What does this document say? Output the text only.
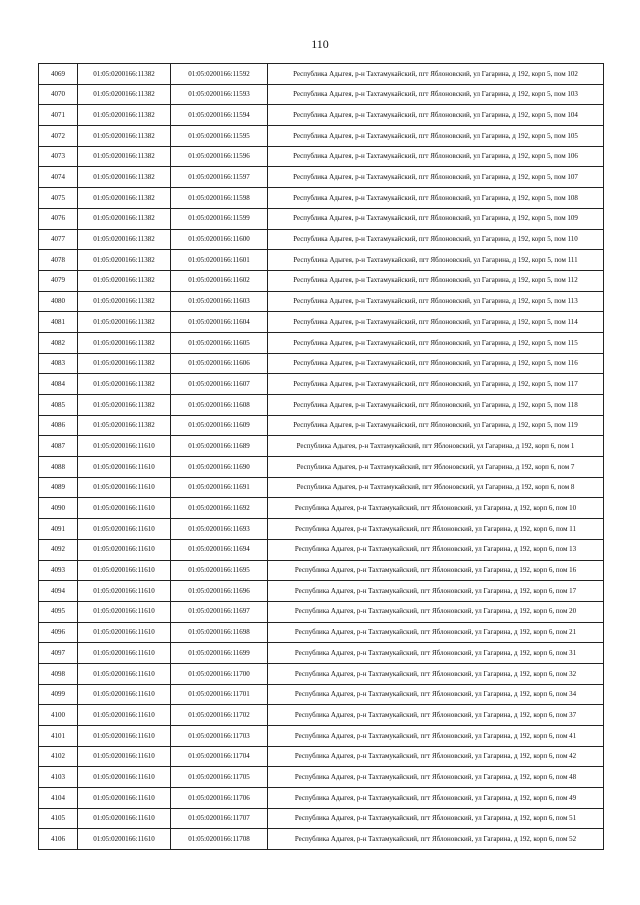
110
4069	01:05:0200166:11382	01:05:0200166:11592	Республика Адыгея, р-н Тахтамукайский, пгт Яблоновский, ул Гагарина, д 192, корп 5, пом 102
4070	01:05:0200166:11382	01:05:0200166:11593	Республика Адыгея, р-н Тахтамукайский, пгт Яблоновский, ул Гагарина, д 192, корп 5, пом 103
4071	01:05:0200166:11382	01:05:0200166:11594	Республика Адыгея, р-н Тахтамукайский, пгт Яблоновский, ул Гагарина, д 192, корп 5, пом 104
4072	01:05:0200166:11382	01:05:0200166:11595	Республика Адыгея, р-н Тахтамукайский, пгт Яблоновский, ул Гагарина, д 192, корп 5, пом 105
4073	01:05:0200166:11382	01:05:0200166:11596	Республика Адыгея, р-н Тахтамукайский, пгт Яблоновский, ул Гагарина, д 192, корп 5, пом 106
4074	01:05:0200166:11382	01:05:0200166:11597	Республика Адыгея, р-н Тахтамукайский, пгт Яблоновский, ул Гагарина, д 192, корп 5, пом 107
4075	01:05:0200166:11382	01:05:0200166:11598	Республика Адыгея, р-н Тахтамукайский, пгт Яблоновский, ул Гагарина, д 192, корп 5, пом 108
4076	01:05:0200166:11382	01:05:0200166:11599	Республика Адыгея, р-н Тахтамукайский, пгт Яблоновский, ул Гагарина, д 192, корп 5, пом 109
4077	01:05:0200166:11382	01:05:0200166:11600	Республика Адыгея, р-н Тахтамукайский, пгт Яблоновский, ул Гагарина, д 192, корп 5, пом 110
4078	01:05:0200166:11382	01:05:0200166:11601	Республика Адыгея, р-н Тахтамукайский, пгт Яблоновский, ул Гагарина, д 192, корп 5, пом 111
4079	01:05:0200166:11382	01:05:0200166:11602	Республика Адыгея, р-н Тахтамукайский, пгт Яблоновский, ул Гагарина, д 192, корп 5, пом 112
4080	01:05:0200166:11382	01:05:0200166:11603	Республика Адыгея, р-н Тахтамукайский, пгт Яблоновский, ул Гагарина, д 192, корп 5, пом 113
4081	01:05:0200166:11382	01:05:0200166:11604	Республика Адыгея, р-н Тахтамукайский, пгт Яблоновский, ул Гагарина, д 192, корп 5, пом 114
4082	01:05:0200166:11382	01:05:0200166:11605	Республика Адыгея, р-н Тахтамукайский, пгт Яблоновский, ул Гагарина, д 192, корп 5, пом 115
4083	01:05:0200166:11382	01:05:0200166:11606	Республика Адыгея, р-н Тахтамукайский, пгт Яблоновский, ул Гагарина, д 192, корп 5, пом 116
4084	01:05:0200166:11382	01:05:0200166:11607	Республика Адыгея, р-н Тахтамукайский, пгт Яблоновский, ул Гагарина, д 192, корп 5, пом 117
4085	01:05:0200166:11382	01:05:0200166:11608	Республика Адыгея, р-н Тахтамукайский, пгт Яблоновский, ул Гагарина, д 192, корп 5, пом 118
4086	01:05:0200166:11382	01:05:0200166:11609	Республика Адыгея, р-н Тахтамукайский, пгт Яблоновский, ул Гагарина, д 192, корп 5, пом 119
4087	01:05:0200166:11610	01:05:0200166:11689	Республика Адыгея, р-н Тахтамукайский, пгт Яблоновский, ул Гагарина, д 192, корп 6, пом 1
4088	01:05:0200166:11610	01:05:0200166:11690	Республика Адыгея, р-н Тахтамукайский, пгт Яблоновский, ул Гагарина, д 192, корп 6, пом 7
4089	01:05:0200166:11610	01:05:0200166:11691	Республика Адыгея, р-н Тахтамукайский, пгт Яблоновский, ул Гагарина, д 192, корп 6, пом 8
4090	01:05:0200166:11610	01:05:0200166:11692	Республика Адыгея, р-н Тахтамукайский, пгт Яблоновский, ул Гагарина, д 192, корп 6, пом 10
4091	01:05:0200166:11610	01:05:0200166:11693	Республика Адыгея, р-н Тахтамукайский, пгт Яблоновский, ул Гагарина, д 192, корп 6, пом 11
4092	01:05:0200166:11610	01:05:0200166:11694	Республика Адыгея, р-н Тахтамукайский, пгт Яблоновский, ул Гагарина, д 192, корп 6, пом 13
4093	01:05:0200166:11610	01:05:0200166:11695	Республика Адыгея, р-н Тахтамукайский, пгт Яблоновский, ул Гагарина, д 192, корп 6, пом 16
4094	01:05:0200166:11610	01:05:0200166:11696	Республика Адыгея, р-н Тахтамукайский, пгт Яблоновский, ул Гагарина, д 192, корп 6, пом 17
4095	01:05:0200166:11610	01:05:0200166:11697	Республика Адыгея, р-н Тахтамукайский, пгт Яблоновский, ул Гагарина, д 192, корп 6, пом 20
4096	01:05:0200166:11610	01:05:0200166:11698	Республика Адыгея, р-н Тахтамукайский, пгт Яблоновский, ул Гагарина, д 192, корп 6, пом 21
4097	01:05:0200166:11610	01:05:0200166:11699	Республика Адыгея, р-н Тахтамукайский, пгт Яблоновский, ул Гагарина, д 192, корп 6, пом 31
4098	01:05:0200166:11610	01:05:0200166:11700	Республика Адыгея, р-н Тахтамукайский, пгт Яблоновский, ул Гагарина, д 192, корп 6, пом 32
4099	01:05:0200166:11610	01:05:0200166:11701	Республика Адыгея, р-н Тахтамукайский, пгт Яблоновский, ул Гагарина, д 192, корп 6, пом 34
4100	01:05:0200166:11610	01:05:0200166:11702	Республика Адыгея, р-н Тахтамукайский, пгт Яблоновский, ул Гагарина, д 192, корп 6, пом 37
4101	01:05:0200166:11610	01:05:0200166:11703	Республика Адыгея, р-н Тахтамукайский, пгт Яблоновский, ул Гагарина, д 192, корп 6, пом 41
4102	01:05:0200166:11610	01:05:0200166:11704	Республика Адыгея, р-н Тахтамукайский, пгт Яблоновский, ул Гагарина, д 192, корп 6, пом 42
4103	01:05:0200166:11610	01:05:0200166:11705	Республика Адыгея, р-н Тахтамукайский, пгт Яблоновский, ул Гагарина, д 192, корп 6, пом 48
4104	01:05:0200166:11610	01:05:0200166:11706	Республика Адыгея, р-н Тахтамукайский, пгт Яблоновский, ул Гагарина, д 192, корп 6, пом 49
4105	01:05:0200166:11610	01:05:0200166:11707	Республика Адыгея, р-н Тахтамукайский, пгт Яблоновский, ул Гагарина, д 192, корп 6, пом 51
4106	01:05:0200166:11610	01:05:0200166:11708	Республика Адыгея, р-н Тахтамукайский, пгт Яблоновский, ул Гагарина, д 192, корп 6, пом 52
